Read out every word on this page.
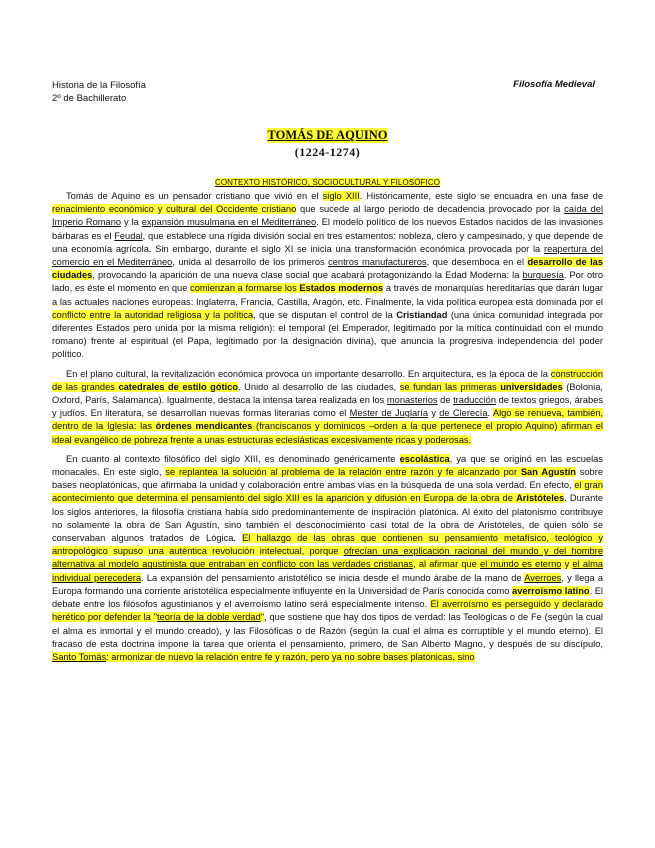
Historia de la Filosofía
2º de Bachillerato
Filosofía Medieval
TOMÁS DE AQUINO
(1224-1274)
CONTEXTO HISTÓRICO, SOCIOCULTURAL Y FILOSÓFICO

Tomás de Aquino es un pensador cristiano que vivió en el siglo XIII. Históricamente, este siglo se encuadra en una fase de renacimiento económico y cultural del Occidente cristiano que sucede al largo periodo de decadencia provocado por la caída del Imperio Romano y la expansión musulmana en el Mediterráneo. El modelo político de los nuevos Estados nacidos de las invasiones bárbaras es el Feudal, que establece una rígida división social en tres estamentos: nobleza, clero y campesinado, y que depende de una economía agrícola. Sin embargo, durante el siglo XI se inicia una transformación económica provocada por la reapertura del comercio en el Mediterráneo, unida al desarrollo de los primeros centros manufactureros, que desemboca en el desarrollo de las ciudades, provocando la aparición de una nueva clase social que acabará protagonizando la Edad Moderna: la burguesía. Por otro lado, es éste el momento en que comienzan a formarse los Estados modernos a través de monarquías hereditarias que darán lugar a las actuales naciones europeas: Inglaterra, Francia, Castilla, Aragón, etc. Finalmente, la vida política europea está dominada por el conflicto entre la autoridad religiosa y la política, que se disputan el control de la Cristiandad (una única comunidad integrada por diferentes Estados pero unida por la misma religión): el temporal (el Emperador, legitimado por la mítica continuidad con el mundo romano) frente al espiritual (el Papa, legitimado por la designación divina), que anuncia la progresiva independencia del poder político.

En el plano cultural, la revitalización económica provoca un importante desarrollo. En arquitectura, es la época de la construcción de las grandes catedrales de estilo gótico. Unido al desarrollo de las ciudades, se fundan las primeras universidades (Bolonia, Oxford, París, Salamanca). Igualmente, destaca la intensa tarea realizada en los monasterios de traducción de textos griegos, árabes y judíos. En literatura, se desarrollan nuevas formas literarias como el Mester de Juglaría y de Clerecía. Algo se renueva, también, dentro de la Iglesia: las órdenes mendicantes (franciscanos y dominicos –orden a la que pertenece el propio Aquino) afirman el ideal evangélico de pobreza frente a unas estructuras eclesiásticas excesivamente ricas y poderosas.

En cuanto al contexto filosófico del siglo XIII, es denominado genéricamente escolástica, ya que se originó en las escuelas monacales. En este siglo, se replantea la solución al problema de la relación entre razón y fe alcanzado por San Agustín sobre bases neoplatónicas, que afirmaba la unidad y colaboración entre ambas vías en la búsqueda de una sola verdad. En efecto, el gran acontecimiento que determina el pensamiento del siglo XIII es la aparición y difusión en Europa de la obra de Aristóteles. Durante los siglos anteriores, la filosofía cristiana había sido predominantemente de inspiración platónica. Al éxito del platonismo contribuye no solamente la obra de San Agustín, sino también el desconocimiento casi total de la obra de Aristóteles, de quien sólo se conservaban algunos tratados de Lógica. El hallazgo de las obras que contienen su pensamiento metafísico, teológico y antropológico supuso una auténtica revolución intelectual, porque ofrecían una explicación racional del mundo y del hombre alternativa al modelo agustinista que entraban en conflicto con las verdades cristianas, al afirmar que el mundo es eterno y el alma individual perecedera. La expansión del pensamiento aristotélico se inicia desde el mundo árabe de la mano de Averroes, y llega a Europa formando una corriente aristotélica especialmente influyente en la Universidad de París conocida como averroísmo latino. El debate entre los filósofos agustinianos y el averroísmo latino será especialmente intenso. El averroísmo es perseguido y declarado herético por defender la "teoría de la doble verdad", que sostiene que hay dos tipos de verdad: las Teológicas o de Fe (según la cual el alma es inmortal y el mundo creado), y las Filosóficas o de Razón (según la cual el alma es corruptible y el mundo eterno). El fracaso de esta doctrina impone la tarea que orienta el pensamiento, primero, de San Alberto Magno, y después de su discípulo, Santo Tomás: armonizar de nuevo la relación entre fe y razón, pero ya no sobre bases platónicas, sino
